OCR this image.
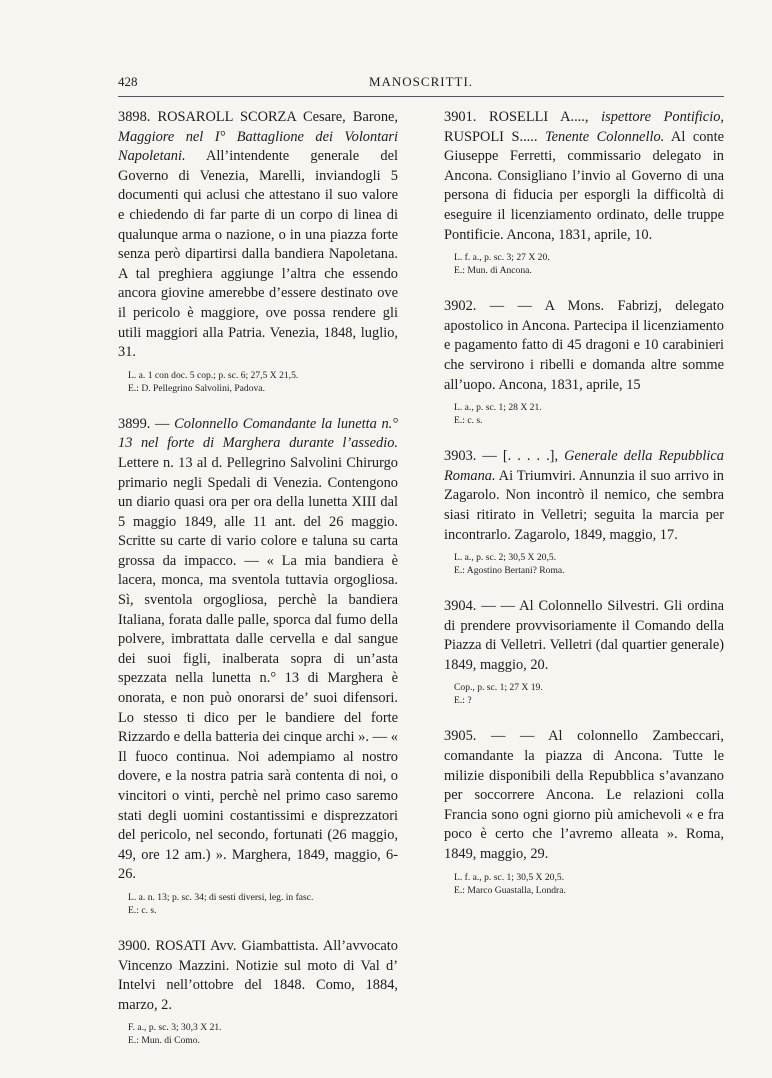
428	MANOSCRITTI.

3898. ROSAROLL SCORZA Cesare, Barone, Maggiore nel I° Battaglione dei Volontari Napoletani. All’intendente generale del Governo di Venezia, Marelli, inviandogli 5 documenti qui aclusi che attestano il suo valore e chiedendo di far parte di un corpo di linea di qualunque arma o nazione, o in una piazza forte senza però dipartirsi dalla bandiera Napoletana. A tal preghiera aggiunge l’altra che essendo ancora giovine amerebbe d’essere destinato ove il pericolo è maggiore, ove possa rendere gli utili maggiori alla Patria. Venezia, 1848, luglio, 31.

L. a. 1 con doc. 5 cop.; p. sc. 6; 27,5 X 21,5.
E.: D. Pellegrino Salvolini, Padova.

3899. — Colonnello Comandante la lunetta n.° 13 nel forte di Marghera durante l’assedio. Lettere n. 13 al d. Pellegrino Salvolini Chirurgo primario negli Spedali di Venezia. Contengono un diario quasi ora per ora della lunetta XIII dal 5 maggio 1849, alle 11 ant. del 26 maggio. Scritte su carte di vario colore e taluna su carta grossa da impacco. — « La mia bandiera è lacera, monca, ma sventola tuttavia orgogliosa. Sì, sventola orgogliosa, perchè la bandiera Italiana, forata dalle palle, sporca dal fumo della polvere, imbrattata dalle cervella e dal sangue dei suoi figli, inalberata sopra di un’asta spezzata nella lunetta n.° 13 di Marghera è onorata, e non può onorarsi de’ suoi difensori. Lo stesso ti dico per le bandiere del forte Rizzardo e della batteria dei cinque archi ». — « Il fuoco continua. Noi adempiamo al nostro dovere, e la nostra patria sarà contenta di noi, o vincitori o vinti, perchè nel primo caso saremo stati degli uomini costantissimi e disprezzatori del pericolo, nel secondo, fortunati (26 maggio, 49, ore 12 am.) ». Marghera, 1849, maggio, 6-26.

L. a. n. 13; p. sc. 34; di sesti diversi, leg. in fasc.
E.: c. s.

3900. ROSATI Avv. Giambattista. All’avvocato Vincenzo Mazzini. Notizie sul moto di Val d’ Intelvi nell’ottobre del 1848. Como, 1884, marzo, 2.

F. a., p. sc. 3; 30,3 X 21.
E.: Mun. di Como.

3901. ROSELLI A...., ispettore Pontificio, RUSPOLI S..... Tenente Colonnello. Al conte Giuseppe Ferretti, commissario delegato in Ancona. Consigliano l’invio al Governo di una persona di fiducia per esporgli la difficoltà di eseguire il licenziamento ordinato, delle truppe Pontificie. Ancona, 1831, aprile, 10.

L. f. a., p. sc. 3; 27 X 20.
E.: Mun. di Ancona.

3902. — — A Mons. Fabrizj, delegato apostolico in Ancona. Partecipa il licenziamento e pagamento fatto di 45 dragoni e 10 carabinieri che servirono i ribelli e domanda altre somme all’uopo. Ancona, 1831, aprile, 15

L. a., p. sc. 1; 28 X 21.
E.: c. s.

3903. — [. . . . .], Generale della Repubblica Romana. Ai Triumviri. Annunzia il suo arrivo in Zagarolo. Non incontrò il nemico, che sembra siasi ritirato in Velletri; seguita la marcia per incontrarlo. Zagarolo, 1849, maggio, 17.

L. a., p. sc. 2; 30,5 X 20,5.
E.: Agostino Bertani? Roma.

3904. — — Al Colonnello Silvestri. Gli ordina di prendere provvisoriamente il Comando della Piazza di Velletri. Velletri (dal quartier generale) 1849, maggio, 20.

Cop., p. sc. 1; 27 X 19.
E.: ?

3905. — — Al colonnello Zambeccari, comandante la piazza di Ancona. Tutte le milizie disponibili della Repubblica s’avanzano per soccorrere Ancona. Le relazioni colla Francia sono ogni giorno più amichevoli « e fra poco è certo che l’avremo alleata ». Roma, 1849, maggio, 29.

L. f. a., p. sc. 1; 30,5 X 20,5.
E.: Marco Guastalla, Londra.
